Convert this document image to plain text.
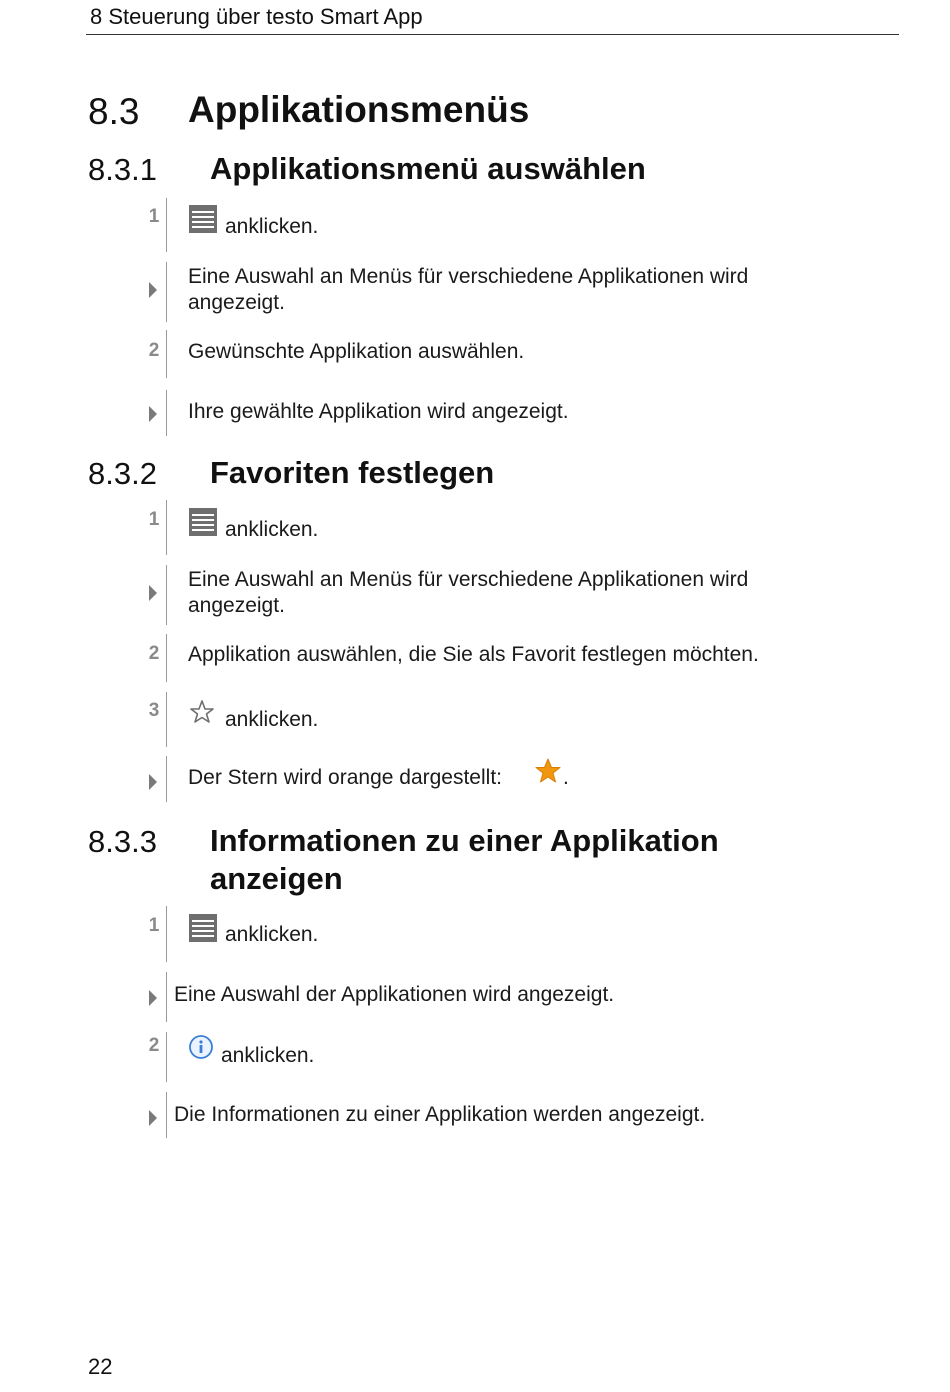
8 Steuerung über testo Smart App
8.3 Applikationsmenüs
8.3.1 Applikationsmenü auswählen
1	anklicken.
Eine Auswahl an Menüs für verschiedene Applikationen wird angezeigt.
2 Gewünschte Applikation auswählen.
Ihre gewählte Applikation wird angezeigt.
8.3.2 Favoriten festlegen
1	anklicken.
Eine Auswahl an Menüs für verschiedene Applikationen wird angezeigt.
2 Applikation auswählen, die Sie als Favorit festlegen möchten.
3	anklicken.
Der Stern wird orange dargestellt:	.
8.3.3 Informationen zu einer Applikation
anzeigen
1	anklicken.
Eine Auswahl der Applikationen wird angezeigt.
2	anklicken.
Die Informationen zu einer Applikation werden angezeigt.
22
